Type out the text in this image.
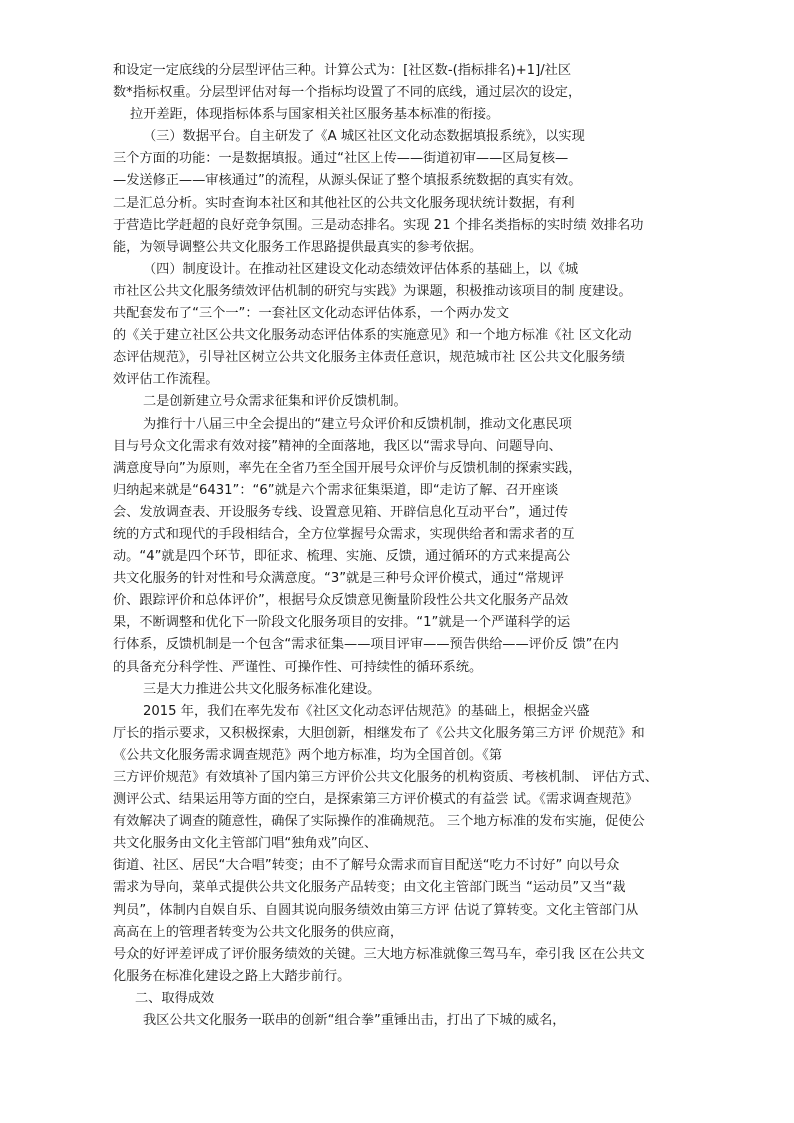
和设定一定底线的分层型评估三种。计算公式为：[社区数-(指标排名)+1]/社区
数*指标权重。分层型评估对每一个指标均设置了不同的底线，通过层次的设定，
拉开差距，体现指标体系与国家相关社区服务基本标准的衔接。
（三）数据平台。自主研发了《A 城区社区文化动态数据填报系统》，以实现
三个方面的功能：一是数据填报。通过“社区上传——街道初审——区局复核—
—发送修正——审核通过”的流程，从源头保证了整个填报系统数据的真实有效。
二是汇总分析。实时查询本社区和其他社区的公共文化服务现状统计数据，有利
于营造比学赶超的良好竞争氛围。三是动态排名。实现 21 个排名类指标的实时绩 效排名功
能，为领导调整公共文化服务工作思路提供最真实的参考依据。
（四）制度设计。在推动社区建设文化动态绩效评估体系的基础上，以《城
市社区公共文化服务绩效评估机制的研究与实践》为课题，积极推动该项目的制 度建设。
共配套发布了“三个一”：一套社区文化动态评估体系，一个两办发文
的《关于建立社区公共文化服务动态评估体系的实施意见》和一个地方标准《社 区文化动
态评估规范》，引导社区树立公共文化服务主体责任意识，规范城市社 区公共文化服务绩
效评估工作流程。
二是创新建立号众需求征集和评价反馈机制。
为推行十八届三中全会提出的“建立号众评价和反馈机制，推动文化惠民项
目与号众文化需求有效对接”精神的全面落地，我区以“需求导向、问题导向、
满意度导向”为原则，率先在全省乃至全国开展号众评价与反馈机制的探索实践，
归纳起来就是“6431”：“6”就是六个需求征集渠道，即“走访了解、召开座谈
会、发放调查表、开设服务专线、设置意见箱、开辟信息化互动平台”，通过传
统的方式和现代的手段相结合，全方位掌握号众需求，实现供给者和需求者的互
动。“4”就是四个环节，即征求、梳理、实施、反馈，通过循环的方式来提高公
共文化服务的针对性和号众满意度。“3”就是三种号众评价模式，通过“常规评
价、跟踪评价和总体评价”，根据号众反馈意见衡量阶段性公共文化服务产品效
果，不断调整和优化下一阶段文化服务项目的安排。“1”就是一个严谨科学的运
行体系，反馈机制是一个包含“需求征集——项目评审——预告供给——评价反 馈”在内
的具备充分科学性、严谨性、可操作性、可持续性的循环系统。
三是大力推进公共文化服务标准化建设。
2015 年，我们在率先发布《社区文化动态评估规范》的基础上，根据金兴盛
厅长的指示要求，又积极探索，大胆创新，相继发布了《公共文化服务第三方评 价规范》和
《公共文化服务需求调查规范》两个地方标准，均为全国首创。《第
三方评价规范》有效填补了国内第三方评价公共文化服务的机构资质、考核机制、 评估方式、
测评公式、结果运用等方面的空白，是探索第三方评价模式的有益尝 试。《需求调查规范》
有效解决了调查的随意性，确保了实际操作的准确规范。 三个地方标准的发布实施，促使公
共文化服务由文化主管部门唱“独角戏”向区、
街道、社区、居民“大合唱”转变；由不了解号众需求而盲目配送“吃力不讨好” 向以号众
需求为导向，菜单式提供公共文化服务产品转变；由文化主管部门既当 “运动员”又当“裁
判员”，体制内自娱自乐、自圆其说向服务绩效由第三方评 估说了算转变。文化主管部门从
高高在上的管理者转变为公共文化服务的供应商，
号众的好评差评成了评价服务绩效的关键。三大地方标准就像三驾马车，牵引我 区在公共文
化服务在标准化建设之路上大踏步前行。
二、取得成效
我区公共文化服务一联串的创新“组合拳”重锤出击，打出了下城的威名，
